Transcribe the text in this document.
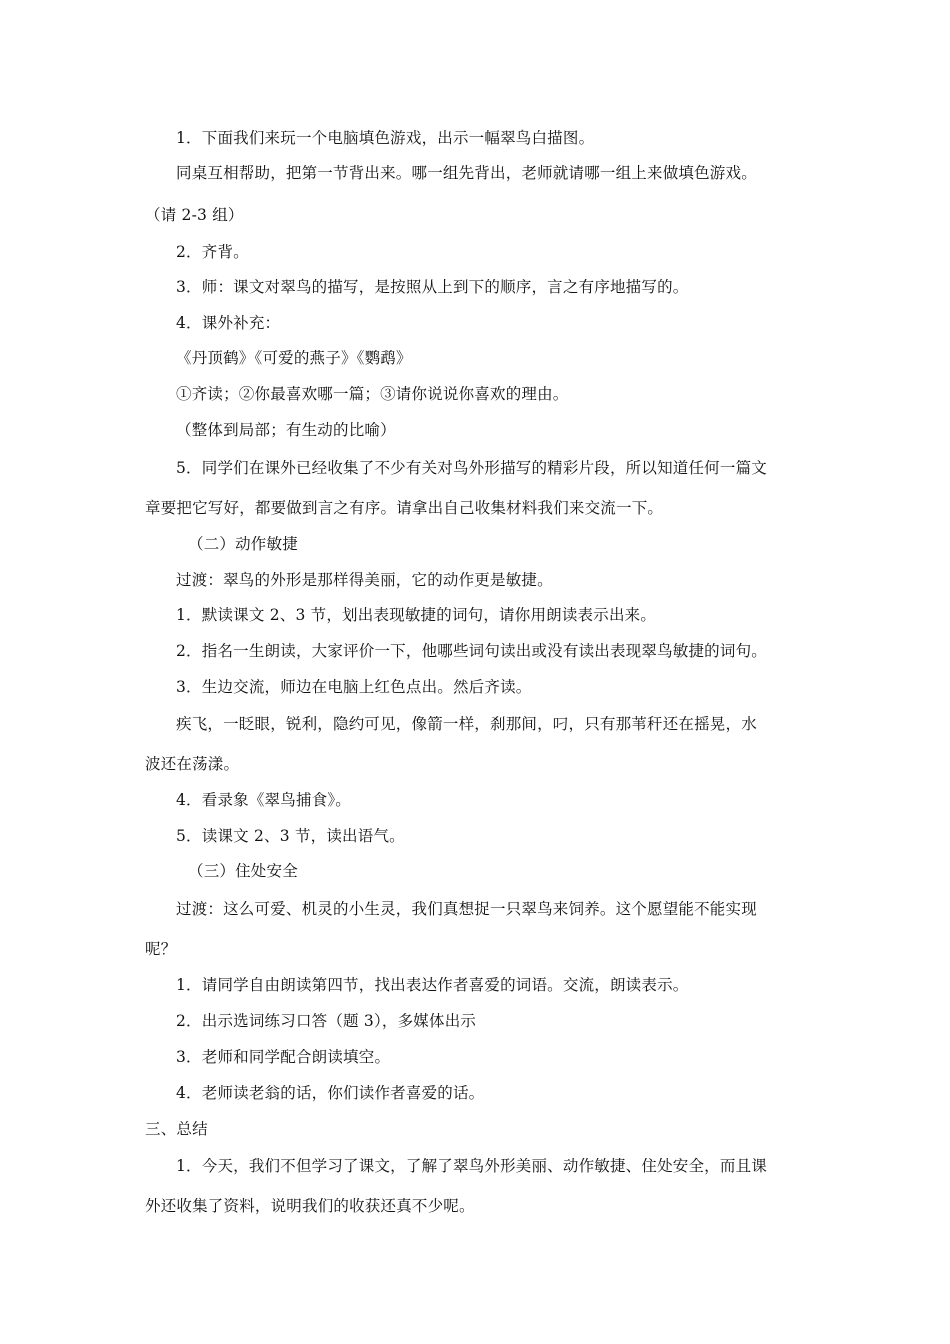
1．下面我们来玩一个电脑填色游戏，出示一幅翠鸟白描图。
同桌互相帮助，把第一节背出来。哪一组先背出，老师就请哪一组上来做填色游戏。
（请 2-3 组）
2．齐背。
3．师：课文对翠鸟的描写，是按照从上到下的顺序，言之有序地描写的。
4．课外补充：
《丹顶鹤》《可爱的燕子》《鹦鹉》
①齐读；②你最喜欢哪一篇；③请你说说你喜欢的理由。
（整体到局部；有生动的比喻）
5．同学们在课外已经收集了不少有关对鸟外形描写的精彩片段，所以知道任何一篇文
章要把它写好，都要做到言之有序。请拿出自己收集材料我们来交流一下。
（二）动作敏捷
过渡：翠鸟的外形是那样得美丽，它的动作更是敏捷。
1．默读课文 2、3 节，划出表现敏捷的词句，请你用朗读表示出来。
2．指名一生朗读，大家评价一下，他哪些词句读出或没有读出表现翠鸟敏捷的词句。
3．生边交流，师边在电脑上红色点出。然后齐读。
疾飞，一眨眼，锐利，隐约可见，像箭一样，刹那间，叼，只有那苇秆还在摇晃，水
波还在荡漾。
4．看录象《翠鸟捕食》。
5．读课文 2、3 节，读出语气。
（三）住处安全
过渡：这么可爱、机灵的小生灵，我们真想捉一只翠鸟来饲养。这个愿望能不能实现
呢？
1．请同学自由朗读第四节，找出表达作者喜爱的词语。交流，朗读表示。
2．出示选词练习口答（题 3），多媒体出示
3．老师和同学配合朗读填空。
4．老师读老翁的话，你们读作者喜爱的话。
三、总结
1．今天，我们不但学习了课文，了解了翠鸟外形美丽、动作敏捷、住处安全，而且课
外还收集了资料，说明我们的收获还真不少呢。
